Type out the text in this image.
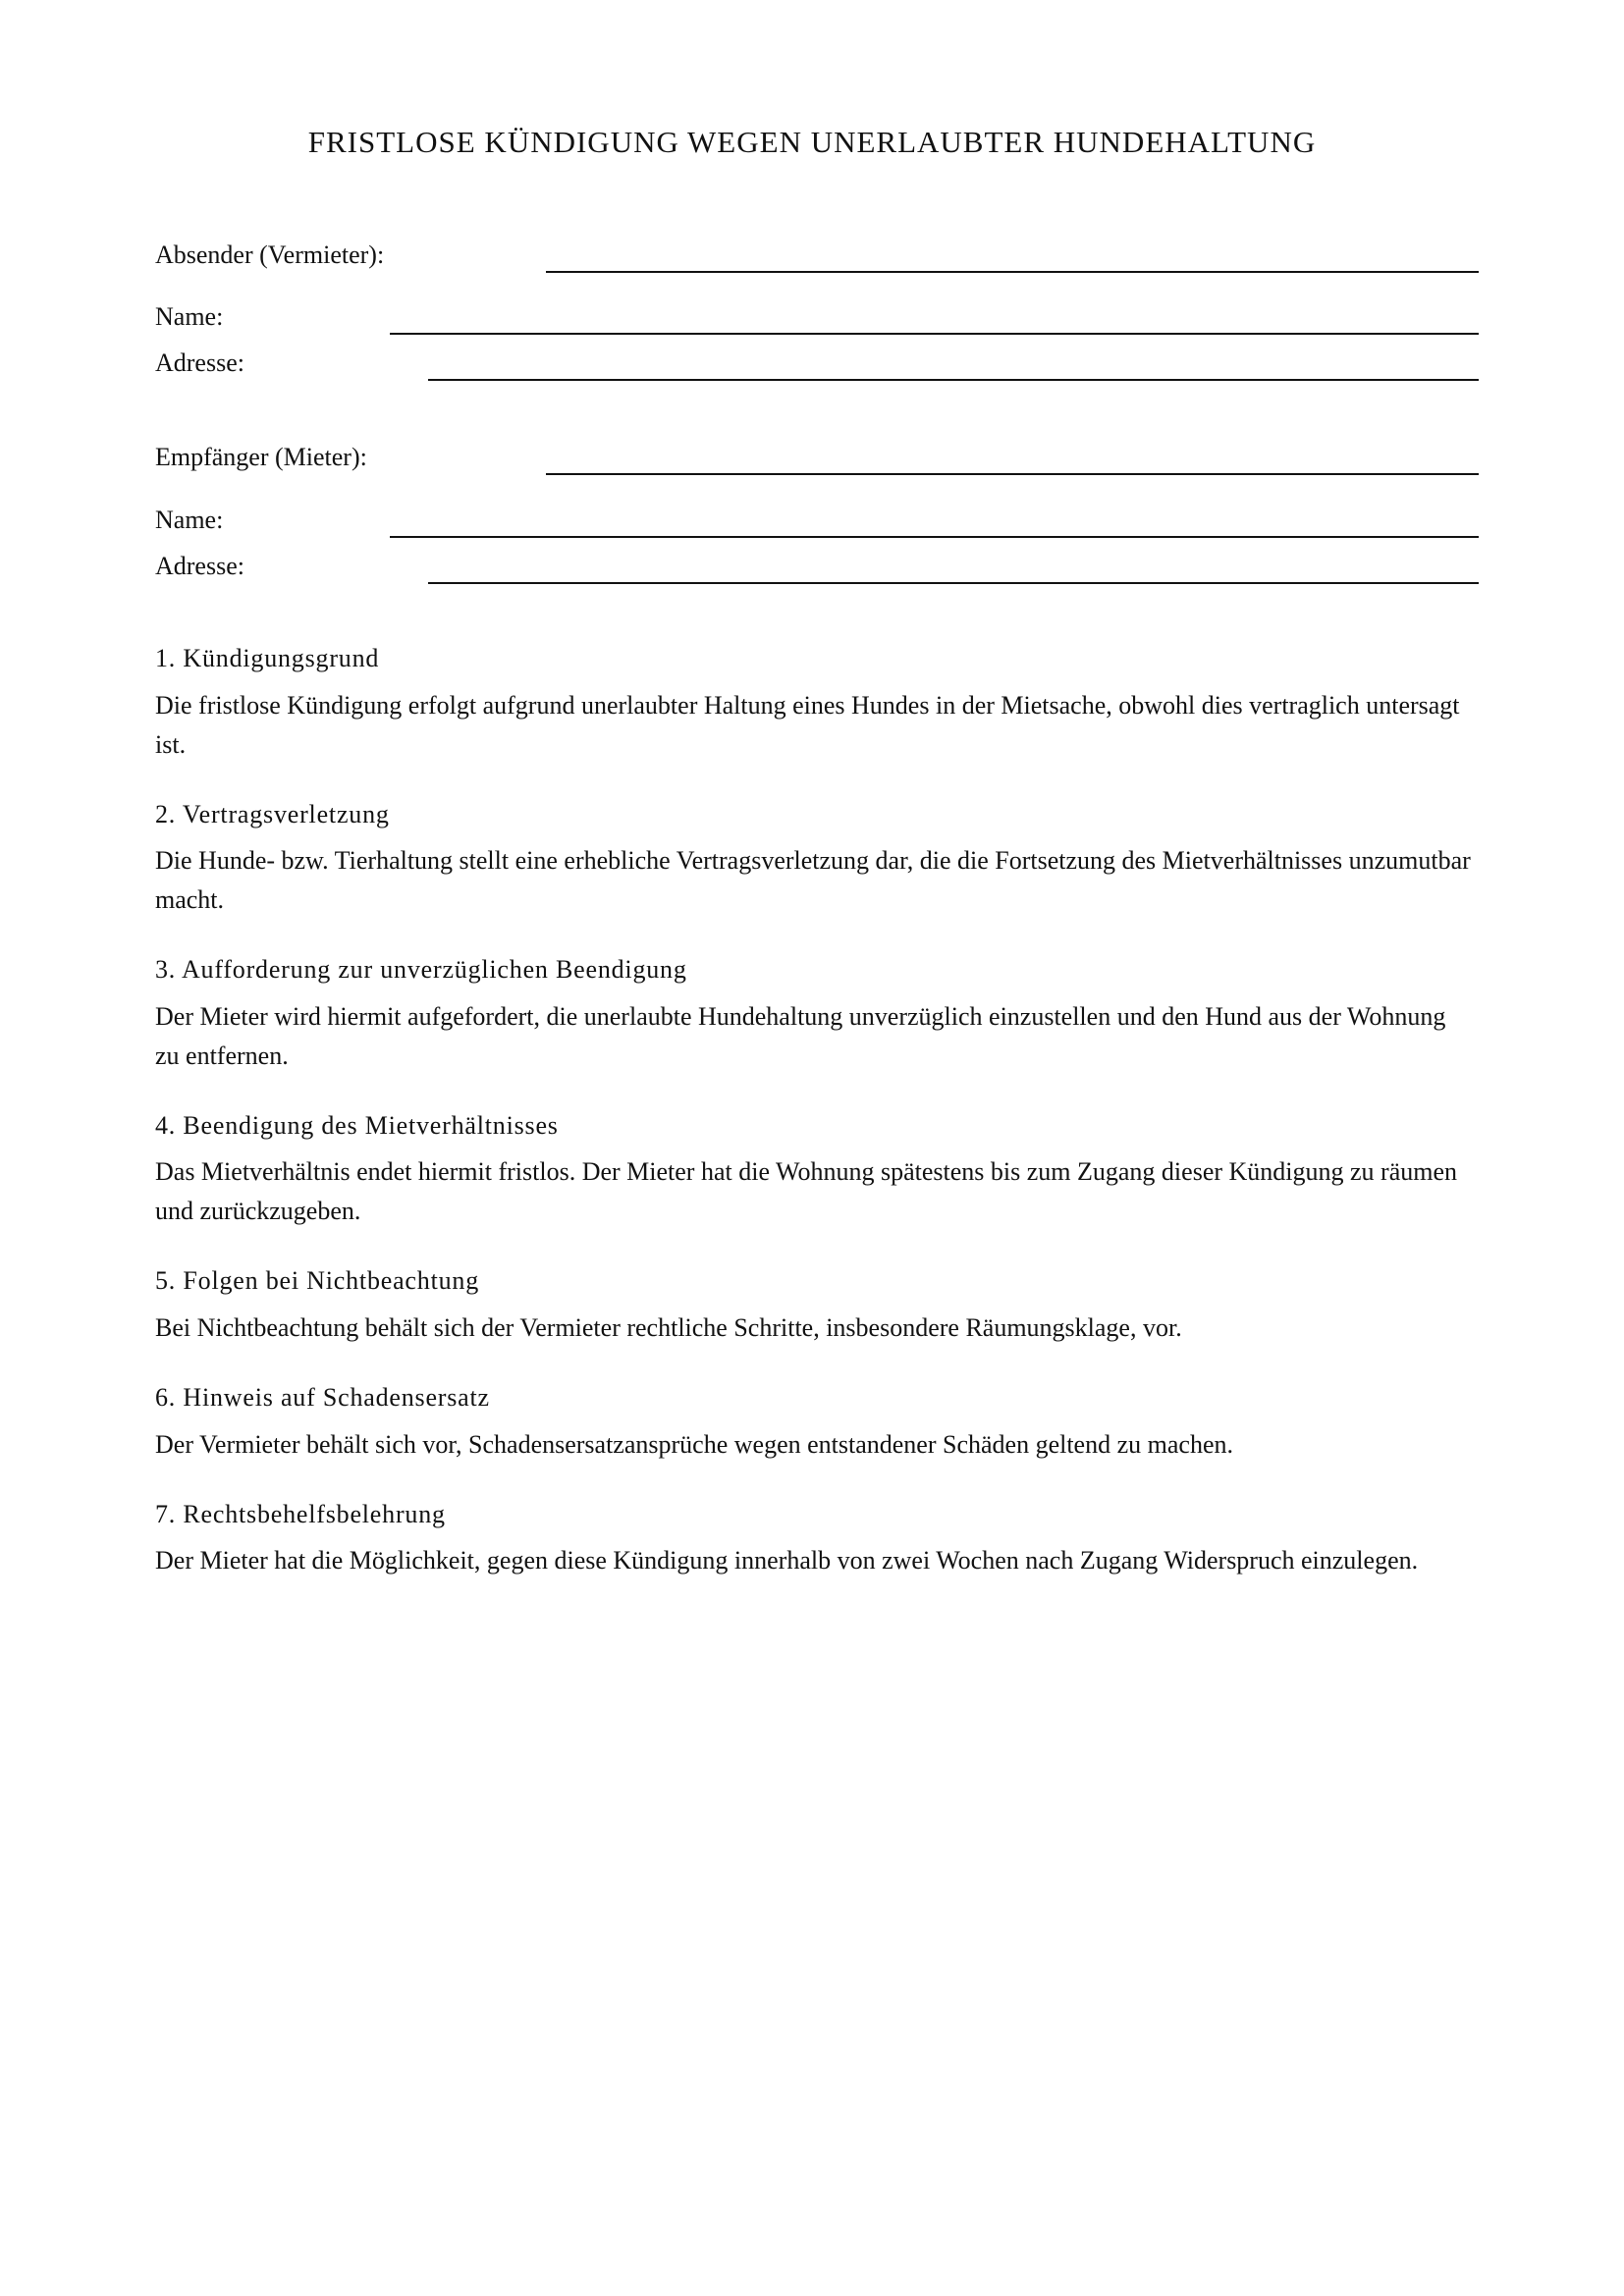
FRISTLOSE KÜNDIGUNG WEGEN UNERLAUBTER HUNDEHALTUNG
Absender (Vermieter):
Name:
Adresse:
Empfänger (Mieter):
Name:
Adresse:
1. Kündigungsgrund
Die fristlose Kündigung erfolgt aufgrund unerlaubter Haltung eines Hundes in der Mietsache, obwohl dies vertraglich untersagt ist.
2. Vertragsverletzung
Die Hunde- bzw. Tierhaltung stellt eine erhebliche Vertragsverletzung dar, die die Fortsetzung des Mietverhältnisses unzumutbar macht.
3. Aufforderung zur unverzüglichen Beendigung
Der Mieter wird hiermit aufgefordert, die unerlaubte Hundehaltung unverzüglich einzustellen und den Hund aus der Wohnung zu entfernen.
4. Beendigung des Mietverhältnisses
Das Mietverhältnis endet hiermit fristlos. Der Mieter hat die Wohnung spätestens bis zum Zugang dieser Kündigung zu räumen und zurückzugeben.
5. Folgen bei Nichtbeachtung
Bei Nichtbeachtung behält sich der Vermieter rechtliche Schritte, insbesondere Räumungsklage, vor.
6. Hinweis auf Schadensersatz
Der Vermieter behält sich vor, Schadensersatzansprüche wegen entstandener Schäden geltend zu machen.
7. Rechtsbehelfsbelehrung
Der Mieter hat die Möglichkeit, gegen diese Kündigung innerhalb von zwei Wochen nach Zugang Widerspruch einzulegen.
